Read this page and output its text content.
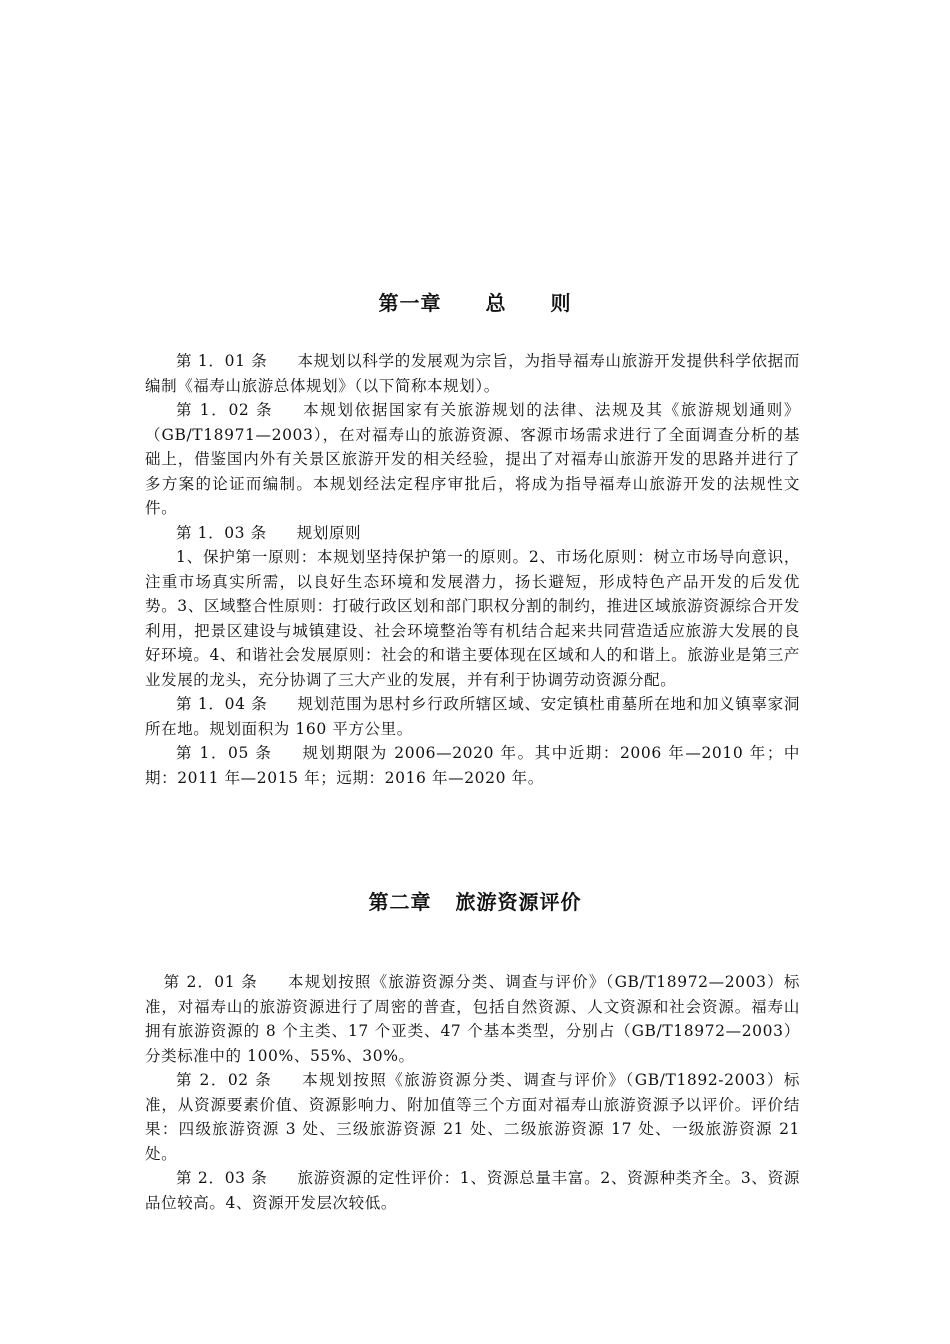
第一章 总 则

第 1．01 条 本规划以科学的发展观为宗旨，为指导福寿山旅游开发提供科学依据而编制《福寿山旅游总体规划》（以下简称本规划）。

第 1．02 条 本规划依据国家有关旅游规划的法律、法规及其《旅游规划通则》（GB/T18971—2003），在对福寿山的旅游资源、客源市场需求进行了全面调查分析的基础上，借鉴国内外有关景区旅游开发的相关经验，提出了对福寿山旅游开发的思路并进行了多方案的论证而编制。本规划经法定程序审批后，将成为指导福寿山旅游开发的法规性文件。

第 1．03 条 规划原则

1、保护第一原则：本规划坚持保护第一的原则。2、市场化原则：树立市场导向意识，注重市场真实所需，以良好生态环境和发展潜力，扬长避短，形成特色产品开发的后发优势。3、区域整合性原则：打破行政区划和部门职权分割的制约，推进区域旅游资源综合开发利用，把景区建设与城镇建设、社会环境整治等有机结合起来共同营造适应旅游大发展的良好环境。4、和谐社会发展原则：社会的和谐主要体现在区域和人的和谐上。旅游业是第三产业发展的龙头，充分协调了三大产业的发展，并有利于协调劳动资源分配。

第 1．04 条 规划范围为思村乡行政所辖区域、安定镇杜甫墓所在地和加义镇辜家洞所在地。规划面积为 160 平方公里。

第 1．05 条 规划期限为 2006—2020 年。其中近期：2006 年—2010 年；中期：2011 年—2015 年；远期：2016 年—2020 年。

第二章 旅游资源评价

第 2．01 条 本规划按照《旅游资源分类、调查与评价》（GB/T18972—2003）标准，对福寿山的旅游资源进行了周密的普查，包括自然资源、人文资源和社会资源。福寿山拥有旅游资源的 8 个主类、17 个亚类、47 个基本类型，分别占（GB/T18972—2003）分类标准中的 100%、55%、30%。

第 2．02 条 本规划按照《旅游资源分类、调查与评价》（GB/T1892-2003）标准，从资源要素价值、资源影响力、附加值等三个方面对福寿山旅游资源予以评价。评价结果：四级旅游资源 3 处、三级旅游资源 21 处、二级旅游资源 17 处、一级旅游资源 21 处。

第 2．03 条 旅游资源的定性评价：1、资源总量丰富。2、资源种类齐全。3、资源品位较高。4、资源开发层次较低。
